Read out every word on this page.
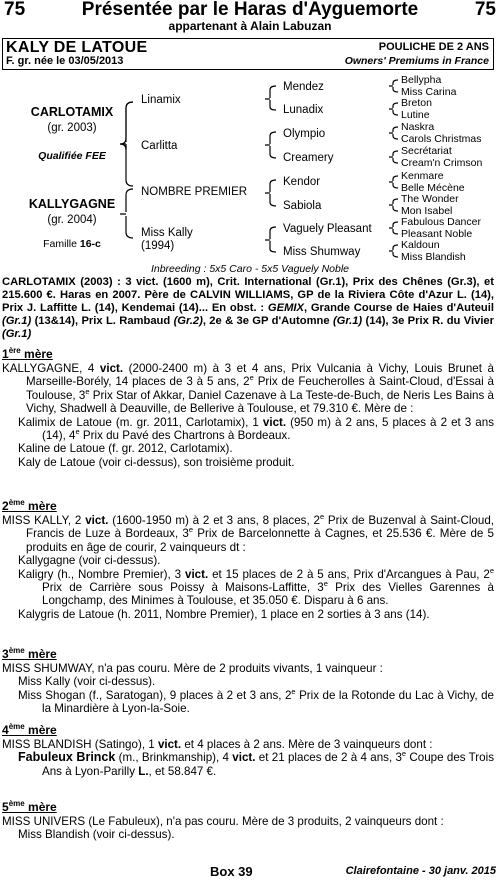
75	Présentée par le Haras d'Ayguemorte	75
appartenant à Alain Labuzan
KALY DE LATOUE
F. gr. née le 03/05/2013
POULICHE DE 2 ANS
Owners' Premiums in France
CARLOTAMIX
(gr. 2003)
Qualifiée FEE
KALLYGAGNE
(gr. 2004)
Famille 16-c
Linamix
Carlitta
NOMBRE PREMIER
Miss Kally
(1994)
Mendez
Lunadix
Olympio
Creamery
Kendor
Sabiola
Vaguely Pleasant
Miss Shumway
Bellypha
Miss Carina
Breton
Lutine
Naskra
Carols Christmas
Secrétariat
Cream'n Crimson
Kenmare
Belle Mécène
The Wonder
Mon Isabel
Fabulous Dancer
Pleasant Noble
Kaldoun
Miss Blandish
Inbreeding : 5x5 Caro - 5x5 Vaguely Noble
CARLOTAMIX (2003) : 3 vict. (1600 m), Crit. International (Gr.1), Prix des Chênes (Gr.3), et 215.600 €. Haras en 2007. Père de CALVIN WILLIAMS, GP de la Riviera Côte d'Azur L. (14), Prix J. Laffitte L. (14), Kendemai (14)... En obst. : GEMIX, Grande Course de Haies d'Auteuil (Gr.1) (13&14), Prix L. Rambaud (Gr.2), 2e & 3e GP d'Automne (Gr.1) (14), 3e Prix R. du Vivier (Gr.1)
1ère mère

KALLYGAGNE, 4 vict. (2000-2400 m) à 3 et 4 ans, Prix Vulcania à Vichy, Louis Brunet à Marseille-Borély, 14 places de 3 à 5 ans, 2e Prix de Feucherolles à Saint-Cloud, d'Essai à Toulouse, 3e Prix Star of Akkar, Daniel Cazenave à La Teste-de-Buch, de Neris Les Bains à Vichy, Shadwell à Deauville, de Bellerive à Toulouse, et 79.310 €. Mère de :

Kalimix de Latoue (m. gr. 2011, Carlotamix), 1 vict. (950 m) à 2 ans, 5 places à 2 et 3 ans (14), 4e Prix du Pavé des Chartrons à Bordeaux.

Kaline de Latoue (f. gr. 2012, Carlotamix).

Kaly de Latoue (voir ci-dessus), son troisième produit.

2ème mère

MISS KALLY, 2 vict. (1600-1950 m) à 2 et 3 ans, 8 places, 2e Prix de Buzenval à Saint-Cloud, Francis de Luze à Bordeaux, 3e Prix de Barcelonnette à Cagnes, et 25.536 €. Mère de 5 produits en âge de courir, 2 vainqueurs dt :

Kallygagne (voir ci-dessus).

Kaligry (h., Nombre Premier), 3 vict. et 15 places de 2 à 5 ans, Prix d'Arcangues à Pau, 2e Prix de Carrière sous Poissy à Maisons-Laffitte, 3e Prix des Vielles Garennes à Longchamp, des Minimes à Toulouse, et 35.050 €. Disparu à 6 ans.

Kalygris de Latoue (h. 2011, Nombre Premier), 1 place en 2 sorties à 3 ans (14).

3ème mère

MISS SHUMWAY, n'a pas couru. Mère de 2 produits vivants, 1 vainqueur :

Miss Kally (voir ci-dessus).

Miss Shogan (f., Saratogan), 9 places à 2 et 3 ans, 2e Prix de la Rotonde du Lac à Vichy, de la Minardière à Lyon-la-Soie.

4ème mère

MISS BLANDISH (Satingo), 1 vict. et 4 places à 2 ans. Mère de 3 vainqueurs dont :

Fabuleux Brinck (m., Brinkmanship), 4 vict. et 21 places de 2 à 4 ans, 3e Coupe des Trois Ans à Lyon-Parilly L., et 58.847 €.

5ème mère

MISS UNIVERS (Le Fabuleux), n'a pas couru. Mère de 3 produits, 2 vainqueurs dont :

Miss Blandish (voir ci-dessus).

Box 39	Clairefontaine - 30 janv. 2015
